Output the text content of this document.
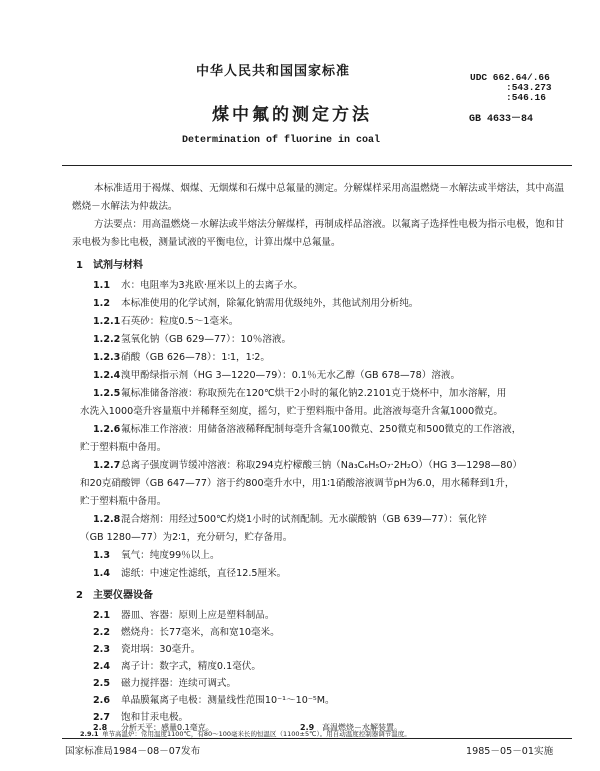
中华人民共和国国家标准	UDC 662.64/.66
:543.273
:546.16
煤中氟的测定方法	GB 4633－84
Determination of fluorine in coal
本标准适用于褐煤、烟煤、无烟煤和石煤中总氟量的测定。分解煤样采用高温燃烧－水解法或半熔法，其中高温燃烧－水解法为仲裁法。
方法要点：用高温燃烧－水解法或半熔法分解煤样，再制成样品溶液。以氟离子选择性电极为指示电极，饱和甘汞电极为参比电极，测量试液的平衡电位，计算出煤中总氟量。
1　试剂与材料
1.1 水：电阻率为3兆欧·厘米以上的去离子水。
1.2 本标准使用的化学试剂，除氟化钠需用优级纯外，其他试剂用分析纯。
1.2.1石英砂：粒度0.5～1毫米。
1.2.2氢氧化钠（GB 629—77）：10％溶液。
1.2.3硝酸（GB 626—78）：1∶1，1∶2。
1.2.4溴甲酚绿指示剂（HG 3—1220—79）：0.1％无水乙醇（GB 678—78）溶液。
1.2.5氟标准储备溶液：称取预先在120℃烘干2小时的氟化钠2.2101克于烧杯中，加水溶解，用
水洗入1000毫升容量瓶中并稀释至刻度，摇匀，贮于塑料瓶中备用。此溶液每毫升含氟1000微克。
1.2.6氟标准工作溶液：用储备溶液稀释配制每毫升含氟100微克、250微克和500微克的工作溶液，
贮于塑料瓶中备用。
1.2.7总离子强度调节缓冲溶液：称取294克柠檬酸三钠（Na₃C₆H₅O₇·2H₂O）（HG 3—1298—80）
和20克硝酸钾（GB 647—77）溶于约800毫升水中，用1∶1硝酸溶液调节pH为6.0，用水稀释到1升，
贮于塑料瓶中备用。
1.2.8混合熔剂：用经过500℃灼烧1小时的试剂配制。无水碳酸钠（GB 639—77）：氧化锌
（GB 1280—77）为2∶1，充分研匀，贮存备用。
1.3 氧气：纯度99％以上。
1.4 滤纸：中速定性滤纸，直径12.5厘米。
2　主要仪器设备
2.1 器皿、容器：原则上应是塑料制品。
2.2 燃烧舟：长77毫米，高和宽10毫米。
2.3 瓷坩埚：30毫升。
2.4 离子计：数字式，精度0.1毫伏。
2.5 磁力搅拌器：连续可调式。
2.6 单晶膜氟离子电极：测量线性范围10⁻¹～10⁻⁵M。
2.7 饱和甘汞电极。
2.8 分析天平：感量0.1毫克。	2.9 高温燃烧－水解装置。
2.9.1 单节高温炉：常用温度1100℃，有80～100毫米长的恒温区（1100±5℃）。用自动温度控制器调节温度。
国家标准局1984－08－07发布	1985－05－01实施
